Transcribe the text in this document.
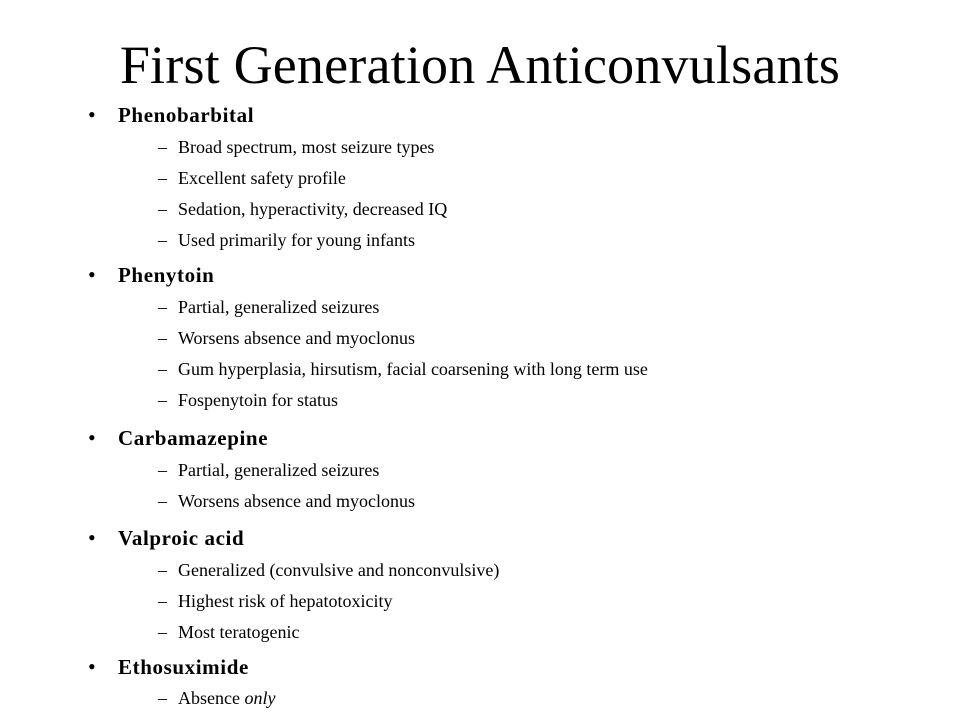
First Generation Anticonvulsants
•	Phenobarbital
– Broad spectrum, most seizure types
– Excellent safety profile
– Sedation, hyperactivity, decreased IQ
– Used primarily for young infants
•	Phenytoin
– Partial, generalized seizures
– Worsens absence and myoclonus
– Gum hyperplasia, hirsutism, facial coarsening with long term use
– Fospenytoin for status
•	Carbamazepine
– Partial, generalized seizures
– Worsens absence and myoclonus
•	Valproic acid
– Generalized (convulsive and nonconvulsive)
– Highest risk of hepatotoxicity
– Most teratogenic
•	Ethosuximide
– Absence only
